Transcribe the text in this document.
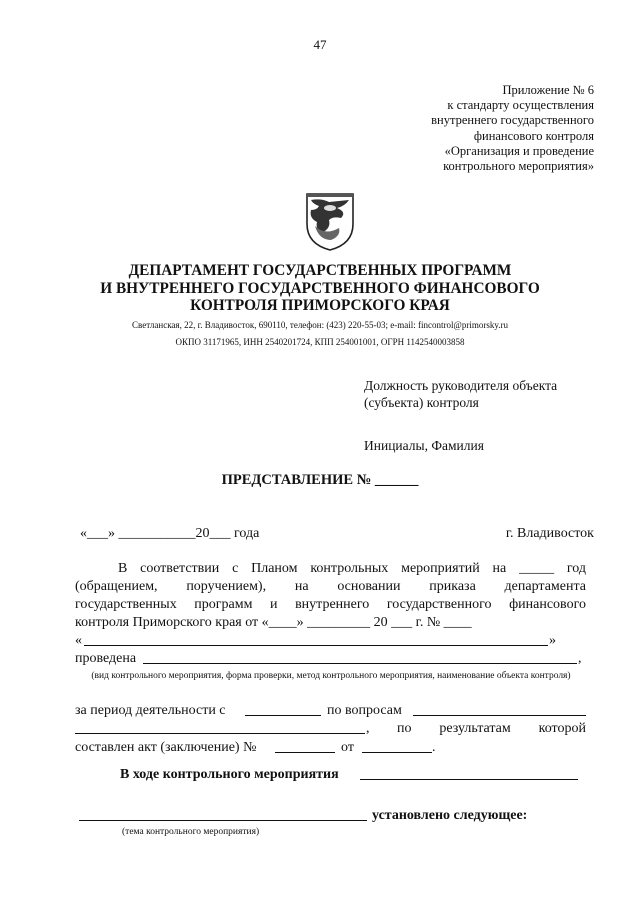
47
Приложение № 6
к стандарту осуществления
внутреннего государственного
финансового контроля
«Организация и проведение
контрольного мероприятия»
ДЕПАРТАМЕНТ ГОСУДАРСТВЕННЫХ ПРОГРАММ
И ВНУТРЕННЕГО ГОСУДАРСТВЕННОГО ФИНАНСОВОГО
КОНТРОЛЯ ПРИМОРСКОГО КРАЯ
Светланская, 22, г. Владивосток, 690110, телефон: (423) 220-55-03; e-mail: fincontrol@primorsky.ru
ОКПО 31171965, ИНН 2540201724, КПП 254001001, ОГРН 1142540003858
Должность руководителя объекта
(субъекта) контроля
Инициалы, Фамилия
ПРЕДСТАВЛЕНИЕ № ______
«___» ___________20___ года	г. Владивосток
В соответствии с Планом контрольных мероприятий на _____ год
(обращением, поручением), на основании приказа департамента
государственных программ и внутреннего государственного финансового
контроля Приморского края от «____» _________ 20 ___ г. № ____
«	»
проведена	,
(вид контрольного мероприятия, форма проверки, метод контрольного мероприятия, наименование объекта контроля)
за период деятельности с	по вопросам
, по результатам которой
составлен акт (заключение) №	от	.
В ходе контрольного мероприятия
установлено следующее:
(тема контрольного мероприятия)
